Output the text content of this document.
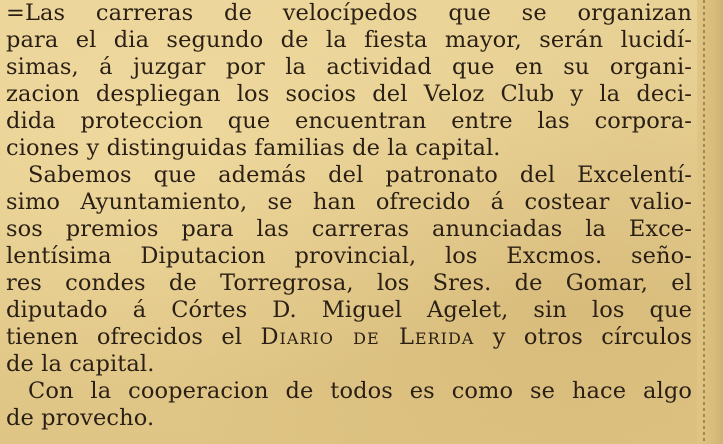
=Las carreras de velocípedos que se organizan
para el dia segundo de la fiesta mayor, serán lucidí-
simas, á juzgar por la actividad que en su organi-
zacion despliegan los socios del Veloz Club y la deci-
dida proteccion que encuentran entre las corpora-
ciones y distinguidas familias de la capital.
Sabemos que además del patronato del Excelentí-
simo Ayuntamiento, se han ofrecido á costear valio-
sos premios para las carreras anunciadas la Exce-
lentísima Diputacion provincial, los Excmos. seño-
res condes de Torregrosa, los Sres. de Gomar, el
diputado á Córtes D. Miguel Agelet, sin los que
tienen ofrecidos el Diario de Lerida y otros círculos
de la capital.
Con la cooperacion de todos es como se hace algo
de provecho.
